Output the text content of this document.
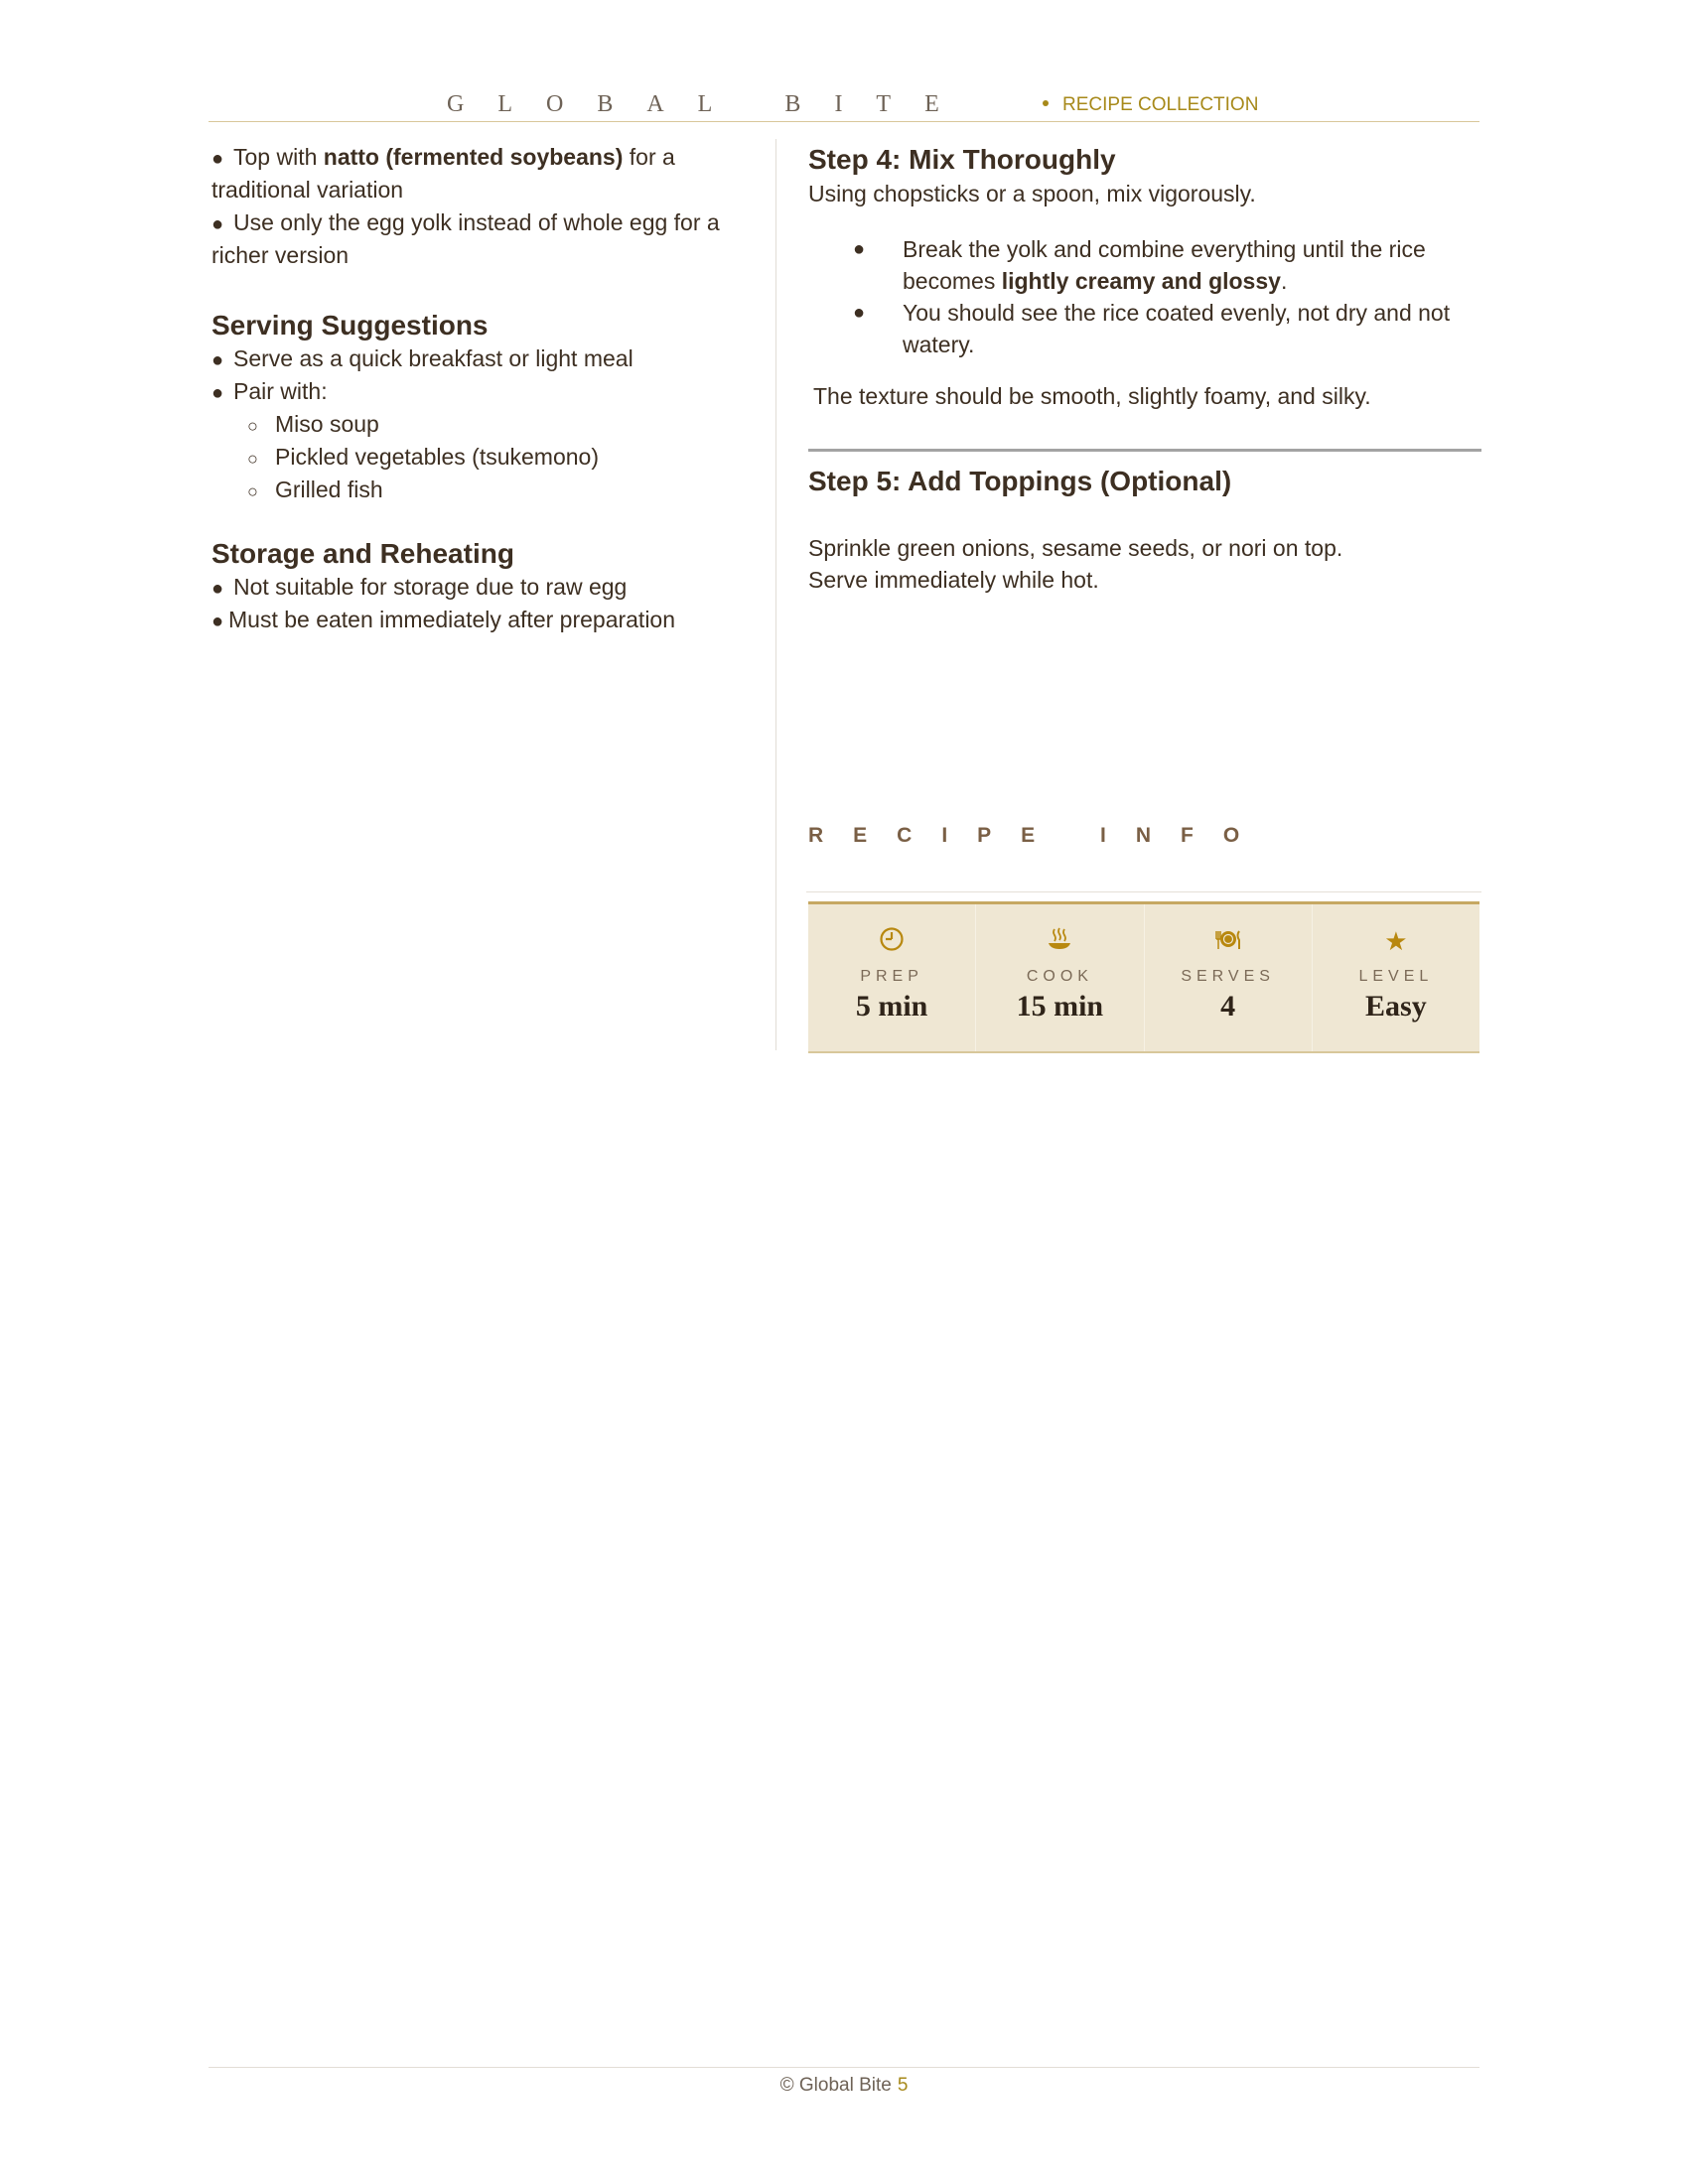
GLOBAL BITE	RECIPE COLLECTION
● Top with natto (fermented soybeans) for a
traditional variation
● Use only the egg yolk instead of whole egg for a
richer version
Serving Suggestions
● Serve as a quick breakfast or light meal
● Pair with:
○ Miso soup
○ Pickled vegetables (tsukemono)
○ Grilled fish
Storage and Reheating
● Not suitable for storage due to raw egg
● Must be eaten immediately after preparation
Step 4: Mix Thoroughly
Using chopsticks or a spoon, mix vigorously.
● Break the yolk and combine everything until the rice becomes lightly creamy and glossy.
● You should see the rice coated evenly, not dry and not watery.
The texture should be smooth, slightly foamy, and silky.
Step 5: Add Toppings (Optional)
Sprinkle green onions, sesame seeds, or nori on top.
Serve immediately while hot.
RECIPE INFO
PREP
5 min
COOK
15 min
SERVES
4
★
LEVEL
Easy
© Global Bite 5
